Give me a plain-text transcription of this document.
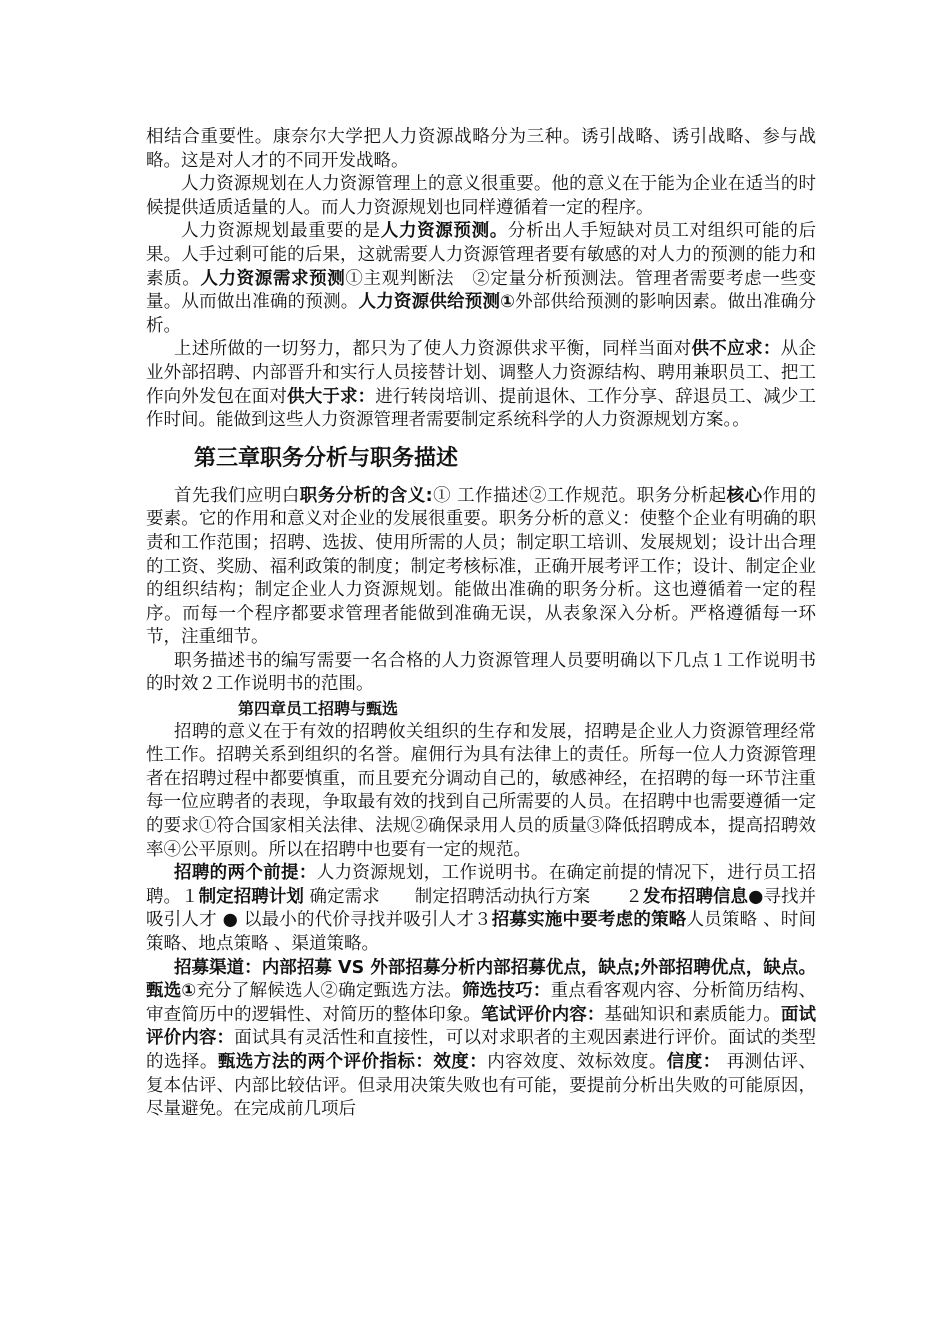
相结合重要性。康奈尔大学把人力资源战略分为三种。诱引战略、诱引战略、参与战略。这是对人才的不同开发战略。

人力资源规划在人力资源管理上的意义很重要。他的意义在于能为企业在适当的时候提供适质适量的人。而人力资源规划也同样遵循着一定的程序。

人力资源规划最重要的是人力资源预测。分析出人手短缺对员工对组织可能的后果。人手过剩可能的后果，这就需要人力资源管理者要有敏感的对人力的预测的能力和素质。人力资源需求预测①主观判断法　②定量分析预测法。管理者需要考虑一些变量。从而做出准确的预测。人力资源供给预测①外部供给预测的影响因素。做出准确分析。

上述所做的一切努力，都只为了使人力资源供求平衡，同样当面对供不应求：从企业外部招聘、内部晋升和实行人员接替计划、调整人力资源结构、聘用兼职员工、把工作向外发包在面对供大于求：进行转岗培训、提前退休、工作分享、辞退员工、减少工作时间。能做到这些人力资源管理者需要制定系统科学的人力资源规划方案。。

第三章职务分析与职务描述

首先我们应明白职务分析的含义:① 工作描述②工作规范。职务分析起核心作用的要素。它的作用和意义对企业的发展很重要。职务分析的意义：使整个企业有明确的职责和工作范围；招聘、选拔、使用所需的人员；制定职工培训、发展规划；设计出合理的工资、奖励、福利政策的制度；制定考核标准，正确开展考评工作；设计、制定企业的组织结构；制定企业人力资源规划。能做出准确的职务分析。这也遵循着一定的程序。而每一个程序都要求管理者能做到准确无误，从表象深入分析。严格遵循每一环节，注重细节。

职务描述书的编写需要一名合格的人力资源管理人员要明确以下几点１工作说明书的时效２工作说明书的范围。

第四章员工招聘与甄选

招聘的意义在于有效的招聘攸关组织的生存和发展，招聘是企业人力资源管理经常性工作。招聘关系到组织的名誉。雇佣行为具有法律上的责任。所每一位人力资源管理者在招聘过程中都要慎重，而且要充分调动自己的，敏感神经，在招聘的每一环节注重每一位应聘者的表现，争取最有效的找到自己所需要的人员。在招聘中也需要遵循一定的要求①符合国家相关法律、法规②确保录用人员的质量③降低招聘成本，提高招聘效率④公平原则。所以在招聘中也要有一定的规范。

招聘的两个前提：人力资源规划，工作说明书。在确定前提的情况下，进行员工招聘。１制定招聘计划 确定需求　　制定招聘活动执行方案　　２发布招聘信息●寻找并吸引人才 ● 以最小的代价寻找并吸引人才３招募实施中要考虑的策略人员策略 、时间策略、地点策略 、渠道策略。

招募渠道：内部招募 VS 外部招募分析内部招募优点，缺点;外部招聘优点，缺点。甄选①充分了解候选人②确定甄选方法。筛选技巧：重点看客观内容、分析简历结构、审查简历中的逻辑性、对简历的整体印象。笔试评价内容：基础知识和素质能力。面试评价内容：面试具有灵活性和直接性，可以对求职者的主观因素进行评价。面试的类型的选择。甄选方法的两个评价指标：效度：内容效度、效标效度。信度： 再测估评、复本估评、内部比较估评。但录用决策失败也有可能，要提前分析出失败的可能原因，尽量避免。在完成前几项后
